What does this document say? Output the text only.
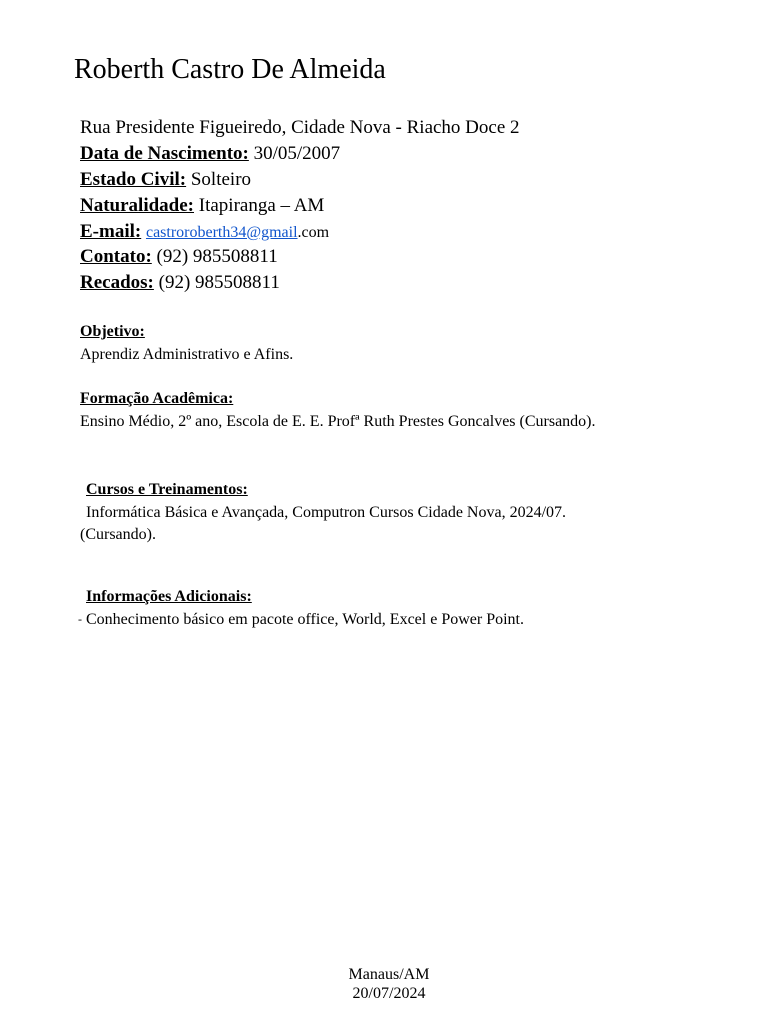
Roberth Castro De Almeida
Rua Presidente Figueiredo, Cidade Nova - Riacho Doce 2
Data de Nascimento: 30/05/2007
Estado Civil: Solteiro
Naturalidade: Itapiranga – AM
E-mail: castroroberth34@gmail.com
Contato: (92) 985508811
Recados: (92) 985508811
Objetivo:
Aprendiz Administrativo e Afins.
Formação Acadêmica:
Ensino Médio, 2º ano, Escola de E. E. Profª Ruth Prestes Goncalves (Cursando).
Cursos e Treinamentos:
Informática Básica e Avançada, Computron Cursos Cidade Nova, 2024/07.
(Cursando).
Informações Adicionais:
- Conhecimento básico em pacote office, World, Excel e Power Point.
Manaus/AM
20/07/2024
